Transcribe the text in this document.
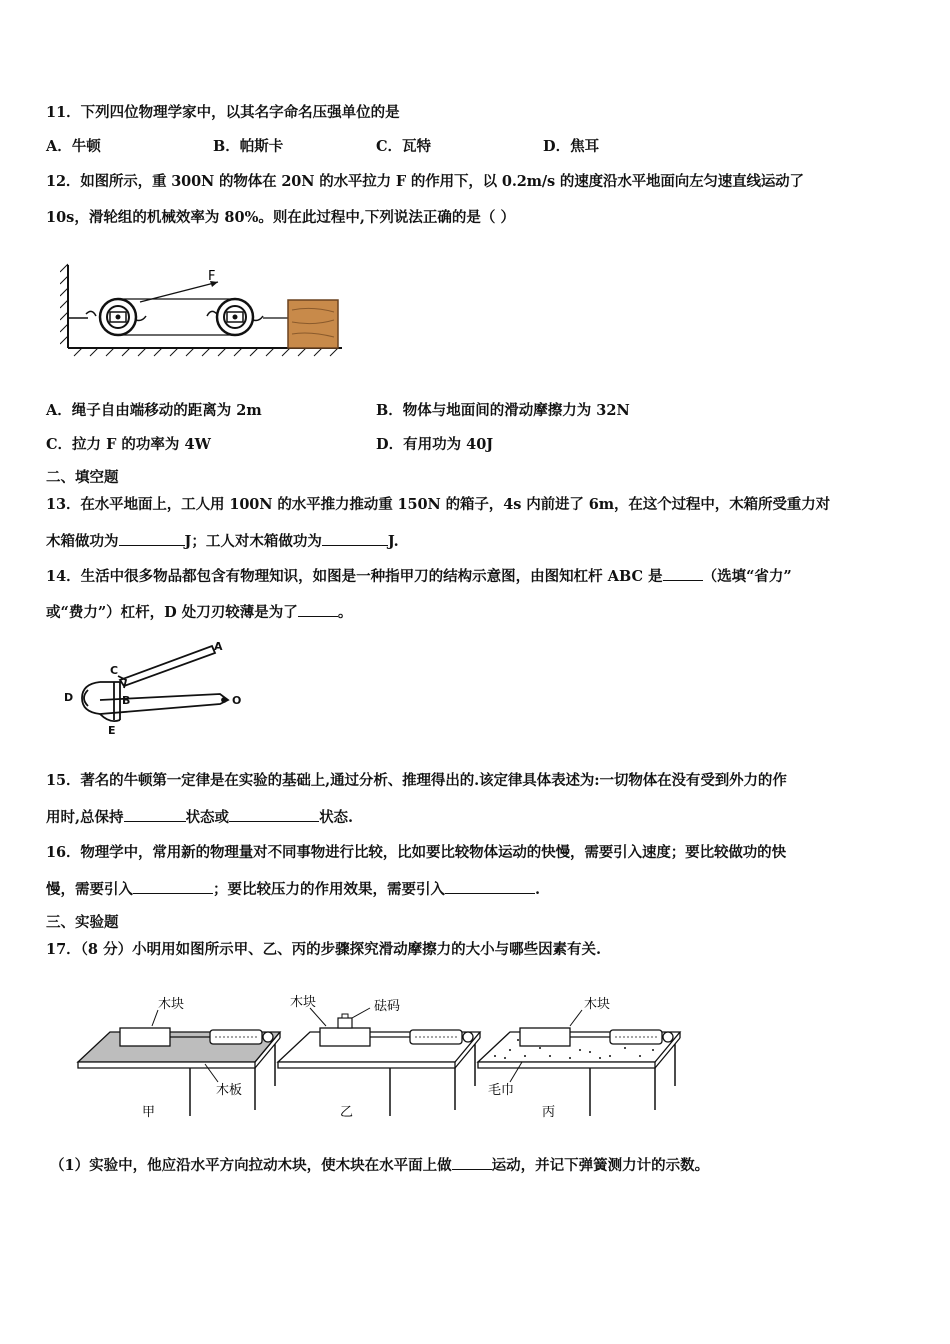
11．下列四位物理学家中，以其名字命名压强单位的是
A．牛顿	B．帕斯卡	C．瓦特	D．焦耳
12．如图所示，重 300N 的物体在 20N 的水平拉力 F 的作用下，以 0.2m/s 的速度沿水平地面向左匀速直线运动了
10s，滑轮组的机械效率为 80%。则在此过程中,下列说法正确的是（ ）
F
A．绳子自由端移动的距离为 2m	B．物体与地面间的滑动摩擦力为 32N
C．拉力 F 的功率为 4W	D．有用功为 40J
二、填空题
13．在水平地面上，工人用 100N 的水平推力推动重 150N 的箱子，4s 内前进了 6m，在这个过程中，木箱所受重力对
木箱做功为	J；工人对木箱做功为	J.
14．生活中很多物品都包含有物理知识，如图是一种指甲刀的结构示意图，由图知杠杆 ABC 是	（选填“省力”
或“费力”）杠杆，D 处刀刃较薄是为了	。
A
C
D	B	O
E
15．著名的牛顿第一定律是在实验的基础上,通过分析、推理得出的.该定律具体表述为:一切物体在没有受到外力的作
用时,总保持	状态或	状态.
16．物理学中，常用新的物理量对不同事物进行比较，比如要比较物体运动的快慢，需要引入速度；要比较做功的快
慢，需要引入	；要比较压力的作用效果，需要引入	.
三、实验题
17．（8 分）小明用如图所示甲、乙、丙的步骤探究滑动摩擦力的大小与哪些因素有关.
木块
木板
甲
木块	砝码
乙
木块
毛巾
丙
（1）实验中，他应沿水平方向拉动木块，使木块在水平面上做	运动，并记下弹簧测力计的示数。
